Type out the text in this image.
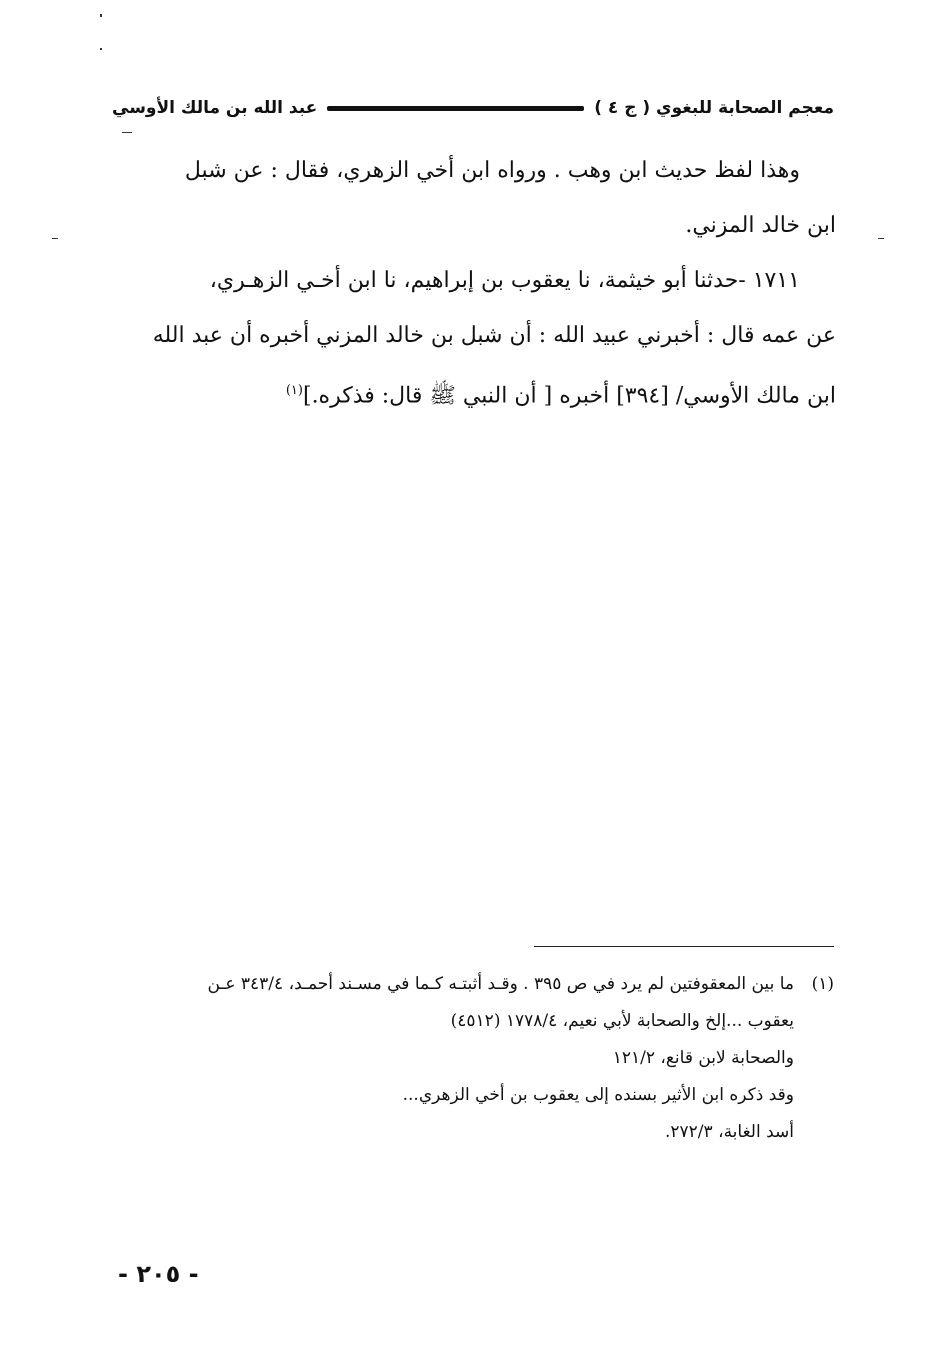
معجم الصحابة للبغوي ( ج ٤ )
عبد الله بن مالك الأوسي

وهذا لفظ حديث ابن وهب . ورواه ابن أخي الزهري، فقال : عن شبل
ابن خالد المزني.

١٧١١ -حدثنا أبو خيثمة، نا يعقوب بن إبراهيم، نا ابن أخـي الزهـري،
عن عمه قال : أخبرني عبيد الله : أن شبل بن خالد المزني أخبره أن عبد الله
ابن مالك الأوسي/ [٣٩٤] أخبره [ أن النبي ﷺ قال: فذكره.]$^{(١)}$

(١)ما بين المعقوفتين لم يرد في ص ٣٩٥ . وقـد أثبتـه كـما في مسـند أحمـد، ٣٤٣/٤ عـن
يعقوب ...إلخ والصحابة لأبي نعيم، ١٧٧٨/٤ (٤٥١٢)
والصحابة لابن قانع، ١٢١/٢
وقد ذكره ابن الأثير بسنده إلى يعقوب بن أخي الزهري...
أسد الغابة، ٢٧٢/٣.
- ٢٠٥ -
